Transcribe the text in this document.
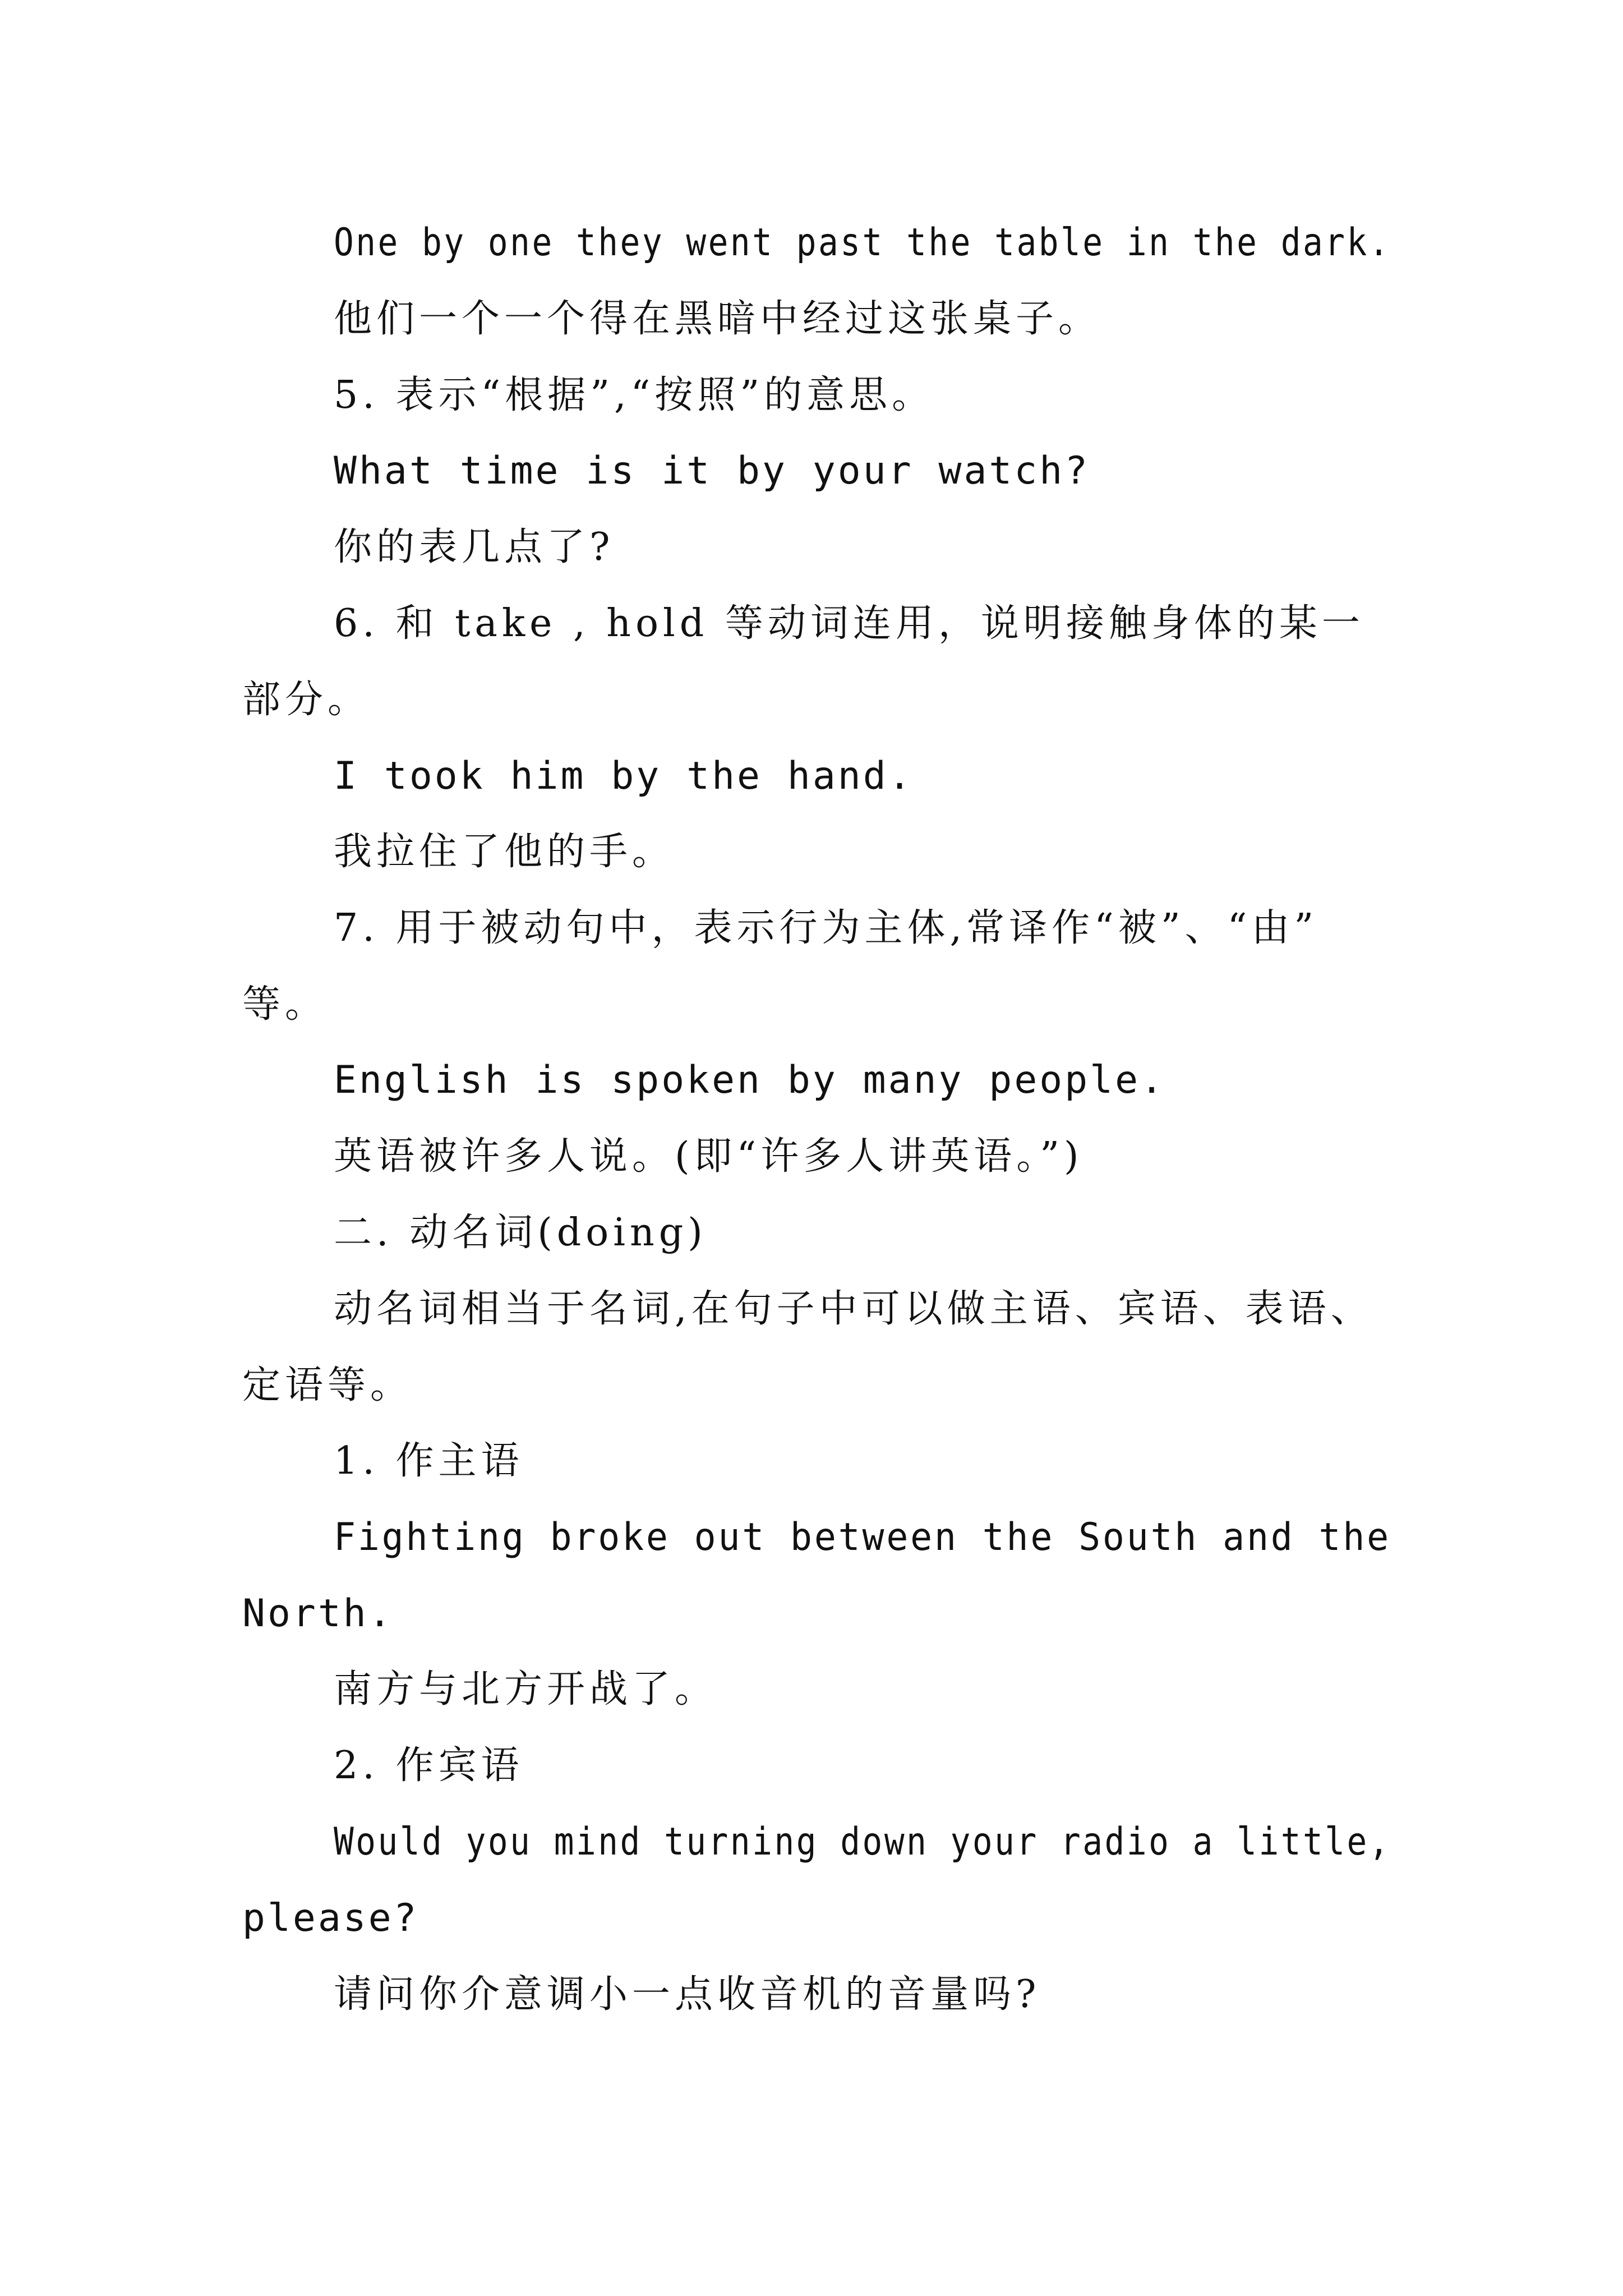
One by one they went past the table in the dark.
他们一个一个得在黑暗中经过这张桌子。
5. 表示“根据”,“按照”的意思。
What time is it by your watch?
你的表几点了?
6. 和 take , hold 等动词连用，说明接触身体的某一
部分。
I took him by the hand.
我拉住了他的手。
7. 用于被动句中，表示行为主体,常译作“被”、“由”
等。
English is spoken by many people.
英语被许多人说。(即“许多人讲英语。”)
二. 动名词(doing)
动名词相当于名词,在句子中可以做主语、宾语、表语、
定语等。
1. 作主语
Fighting broke out between the South and the
North.
南方与北方开战了。
2. 作宾语
Would you mind turning down your radio a little,
please?
请问你介意调小一点收音机的音量吗?
